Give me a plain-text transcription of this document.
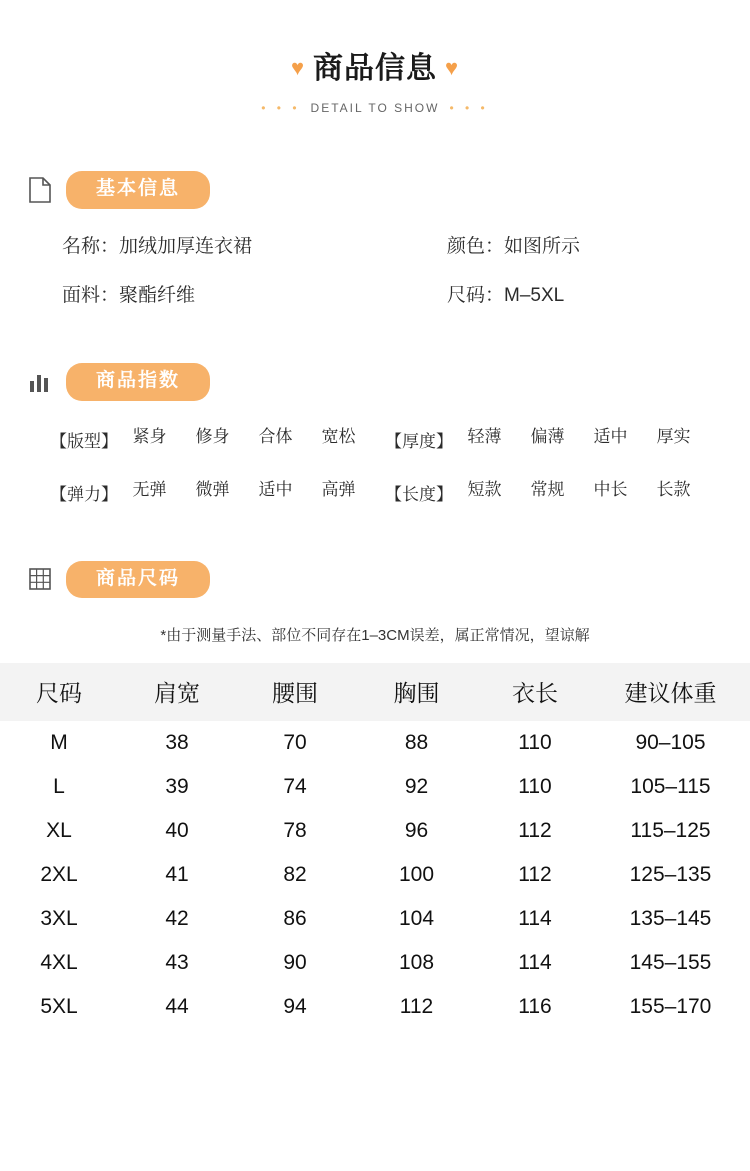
♥ 商品信息 ♥
• • • DETAIL TO SHOW • • •
基本信息
名称：加绒加厚连衣裙	颜色：如图所示
面料：聚酯纤维	尺码：M–5XL
商品指数
【版型】 紧身	修身	合体	宽松	【厚度】 轻薄	偏薄	适中	厚实
【弹力】 无弹	微弹	适中	高弹	【长度】 短款	常规	中长	长款
商品尺码
*由于测量手法、部位不同存在1–3CM误差，属正常情况，望谅解
尺码	肩宽	腰围	胸围	衣长	建议体重
M	38	70	88	110	90–105
L	39	74	92	110	105–115
XL	40	78	96	112	115–125
2XL	41	82	100	112	125–135
3XL	42	86	104	114	135–145
4XL	43	90	108	114	145–155
5XL	44	94	112	116	155–170
